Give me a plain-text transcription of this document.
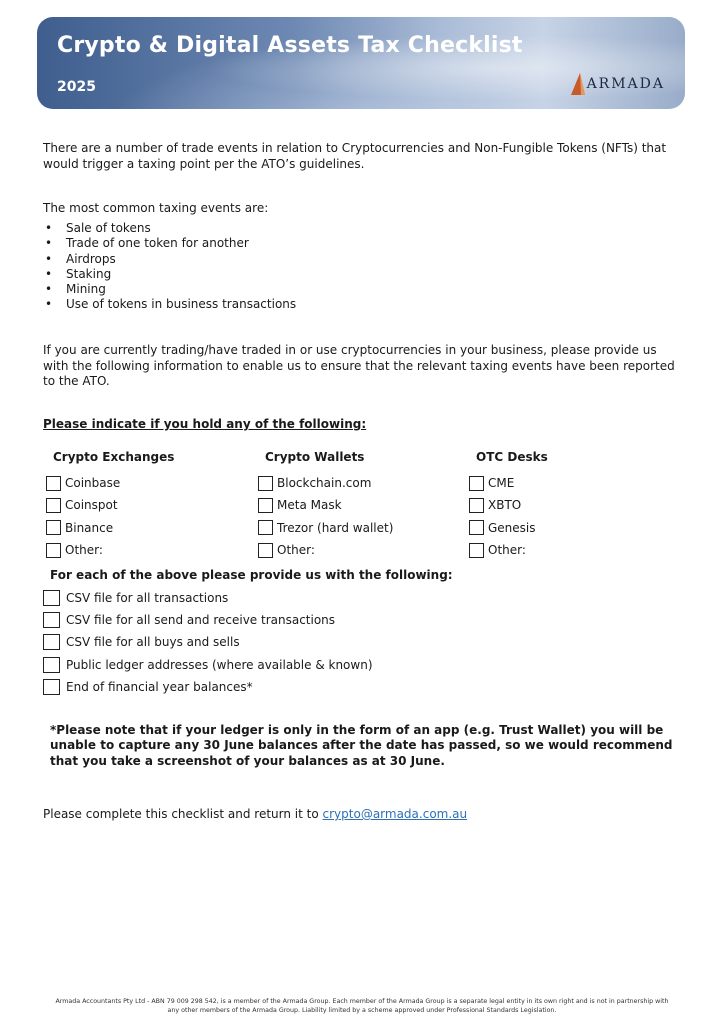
Crypto & Digital Assets Tax Checklist
2025	ARMADA
There are a number of trade events in relation to Cryptocurrencies and Non-Fungible Tokens (NFTs) that would trigger a taxing point per the ATO’s guidelines.
The most common taxing events are:
• Sale of tokens
• Trade of one token for another
• Airdrops
• Staking
• Mining
• Use of tokens in business transactions
If you are currently trading/have traded in or use cryptocurrencies in your business, please provide us with the following information to enable us to ensure that the relevant taxing events have been reported to the ATO.
Please indicate if you hold any of the following:
Crypto Exchanges
Coinbase
Coinspot
Binance
Other:
Crypto Wallets
Blockchain.com
Meta Mask
Trezor (hard wallet)
Other:
OTC Desks
CME
XBTO
Genesis
Other:
For each of the above please provide us with the following:
CSV file for all transactions
CSV file for all send and receive transactions
CSV file for all buys and sells
Public ledger addresses (where available & known)
End of financial year balances*
*Please note that if your ledger is only in the form of an app (e.g. Trust Wallet) you will be unable to capture any 30 June balances after the date has passed, so we would recommend that you take a screenshot of your balances as at 30 June.
Please complete this checklist and return it to crypto@armada.com.au
Armada Accountants Pty Ltd - ABN 79 009 298 542, is a member of the Armada Group. Each member of the Armada Group is a separate legal entity in its own right and is not in partnership with
any other members of the Armada Group. Liability limited by a scheme approved under Professional Standards Legislation.
